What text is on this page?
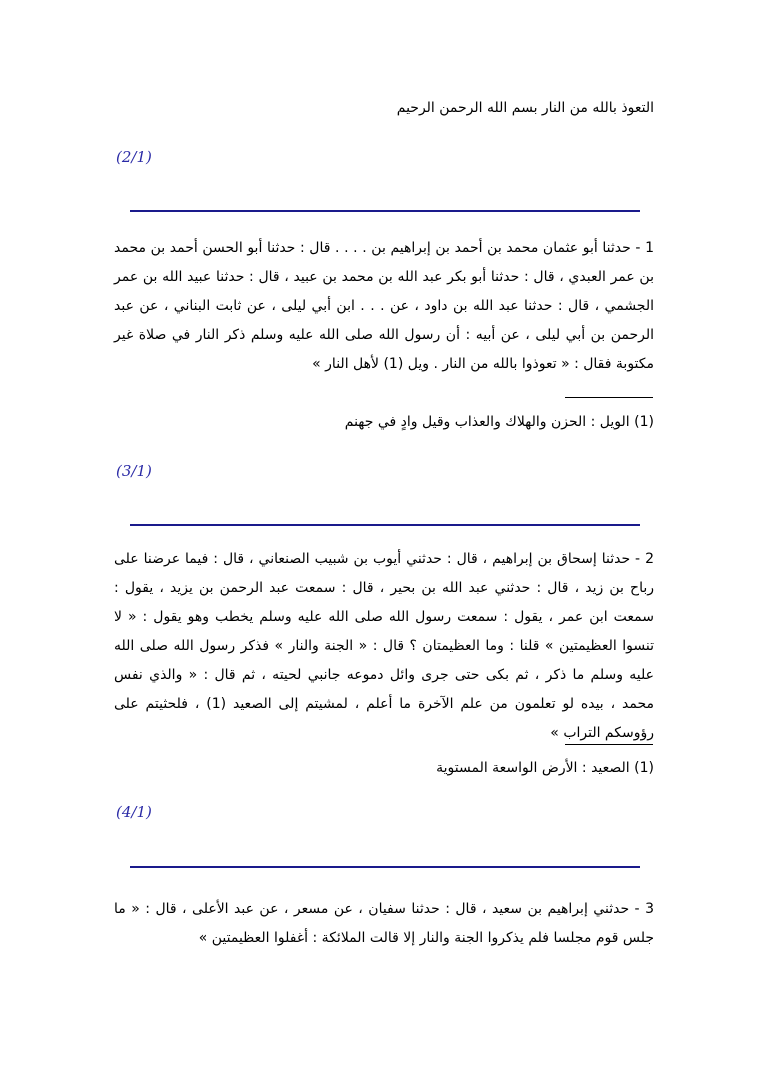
التعوذ بالله من النار بسم الله الرحمن الرحيم
(2/1)
1 - حدثنا أبو عثمان محمد بن أحمد بن إبراهيم بن . . . . قال : حدثنا أبو الحسن أحمد بن محمد بن عمر العبدي ، قال : حدثنا أبو بكر عبد الله بن محمد بن عبيد ، قال : حدثنا عبيد الله بن عمر الجشمي ، قال : حدثنا عبد الله بن داود ، عن . . . ابن أبي ليلى ، عن ثابت البناني ، عن عبد الرحمن بن أبي ليلى ، عن أبيه : أن رسول الله صلى الله عليه وسلم ذكر النار في صلاة غير مكتوبة فقال : « تعوذوا بالله من النار . ويل (1) لأهل النار »
(1) الويل : الحزن والهلاك والعذاب وقيل وادٍ في جهنم
(3/1)
2 - حدثنا إسحاق بن إبراهيم ، قال : حدثني أيوب بن شبيب الصنعاني ، قال : فيما عرضنا على رباح بن زيد ، قال : حدثني عبد الله بن بحير ، قال : سمعت عبد الرحمن بن يزيد ، يقول : سمعت ابن عمر ، يقول : سمعت رسول الله صلى الله عليه وسلم يخطب وهو يقول : « لا تنسوا العظيمتين » قلنا : وما العظيمتان ؟ قال : « الجنة والنار » فذكر رسول الله صلى الله عليه وسلم ما ذكر ، ثم بكى حتى جرى وائل دموعه جانبي لحيته ، ثم قال : « والذي نفس محمد ، بيده لو تعلمون من علم الآخرة ما أعلم ، لمشيتم إلى الصعيد (1) ، فلحثيتم على رؤوسكم التراب »
(1) الصعيد : الأرض الواسعة المستوية
(4/1)
3 - حدثني إبراهيم بن سعيد ، قال : حدثنا سفيان ، عن مسعر ، عن عبد الأعلى ، قال : « ما جلس قوم مجلسا فلم يذكروا الجنة والنار إلا قالت الملائكة : أغفلوا العظيمتين »
